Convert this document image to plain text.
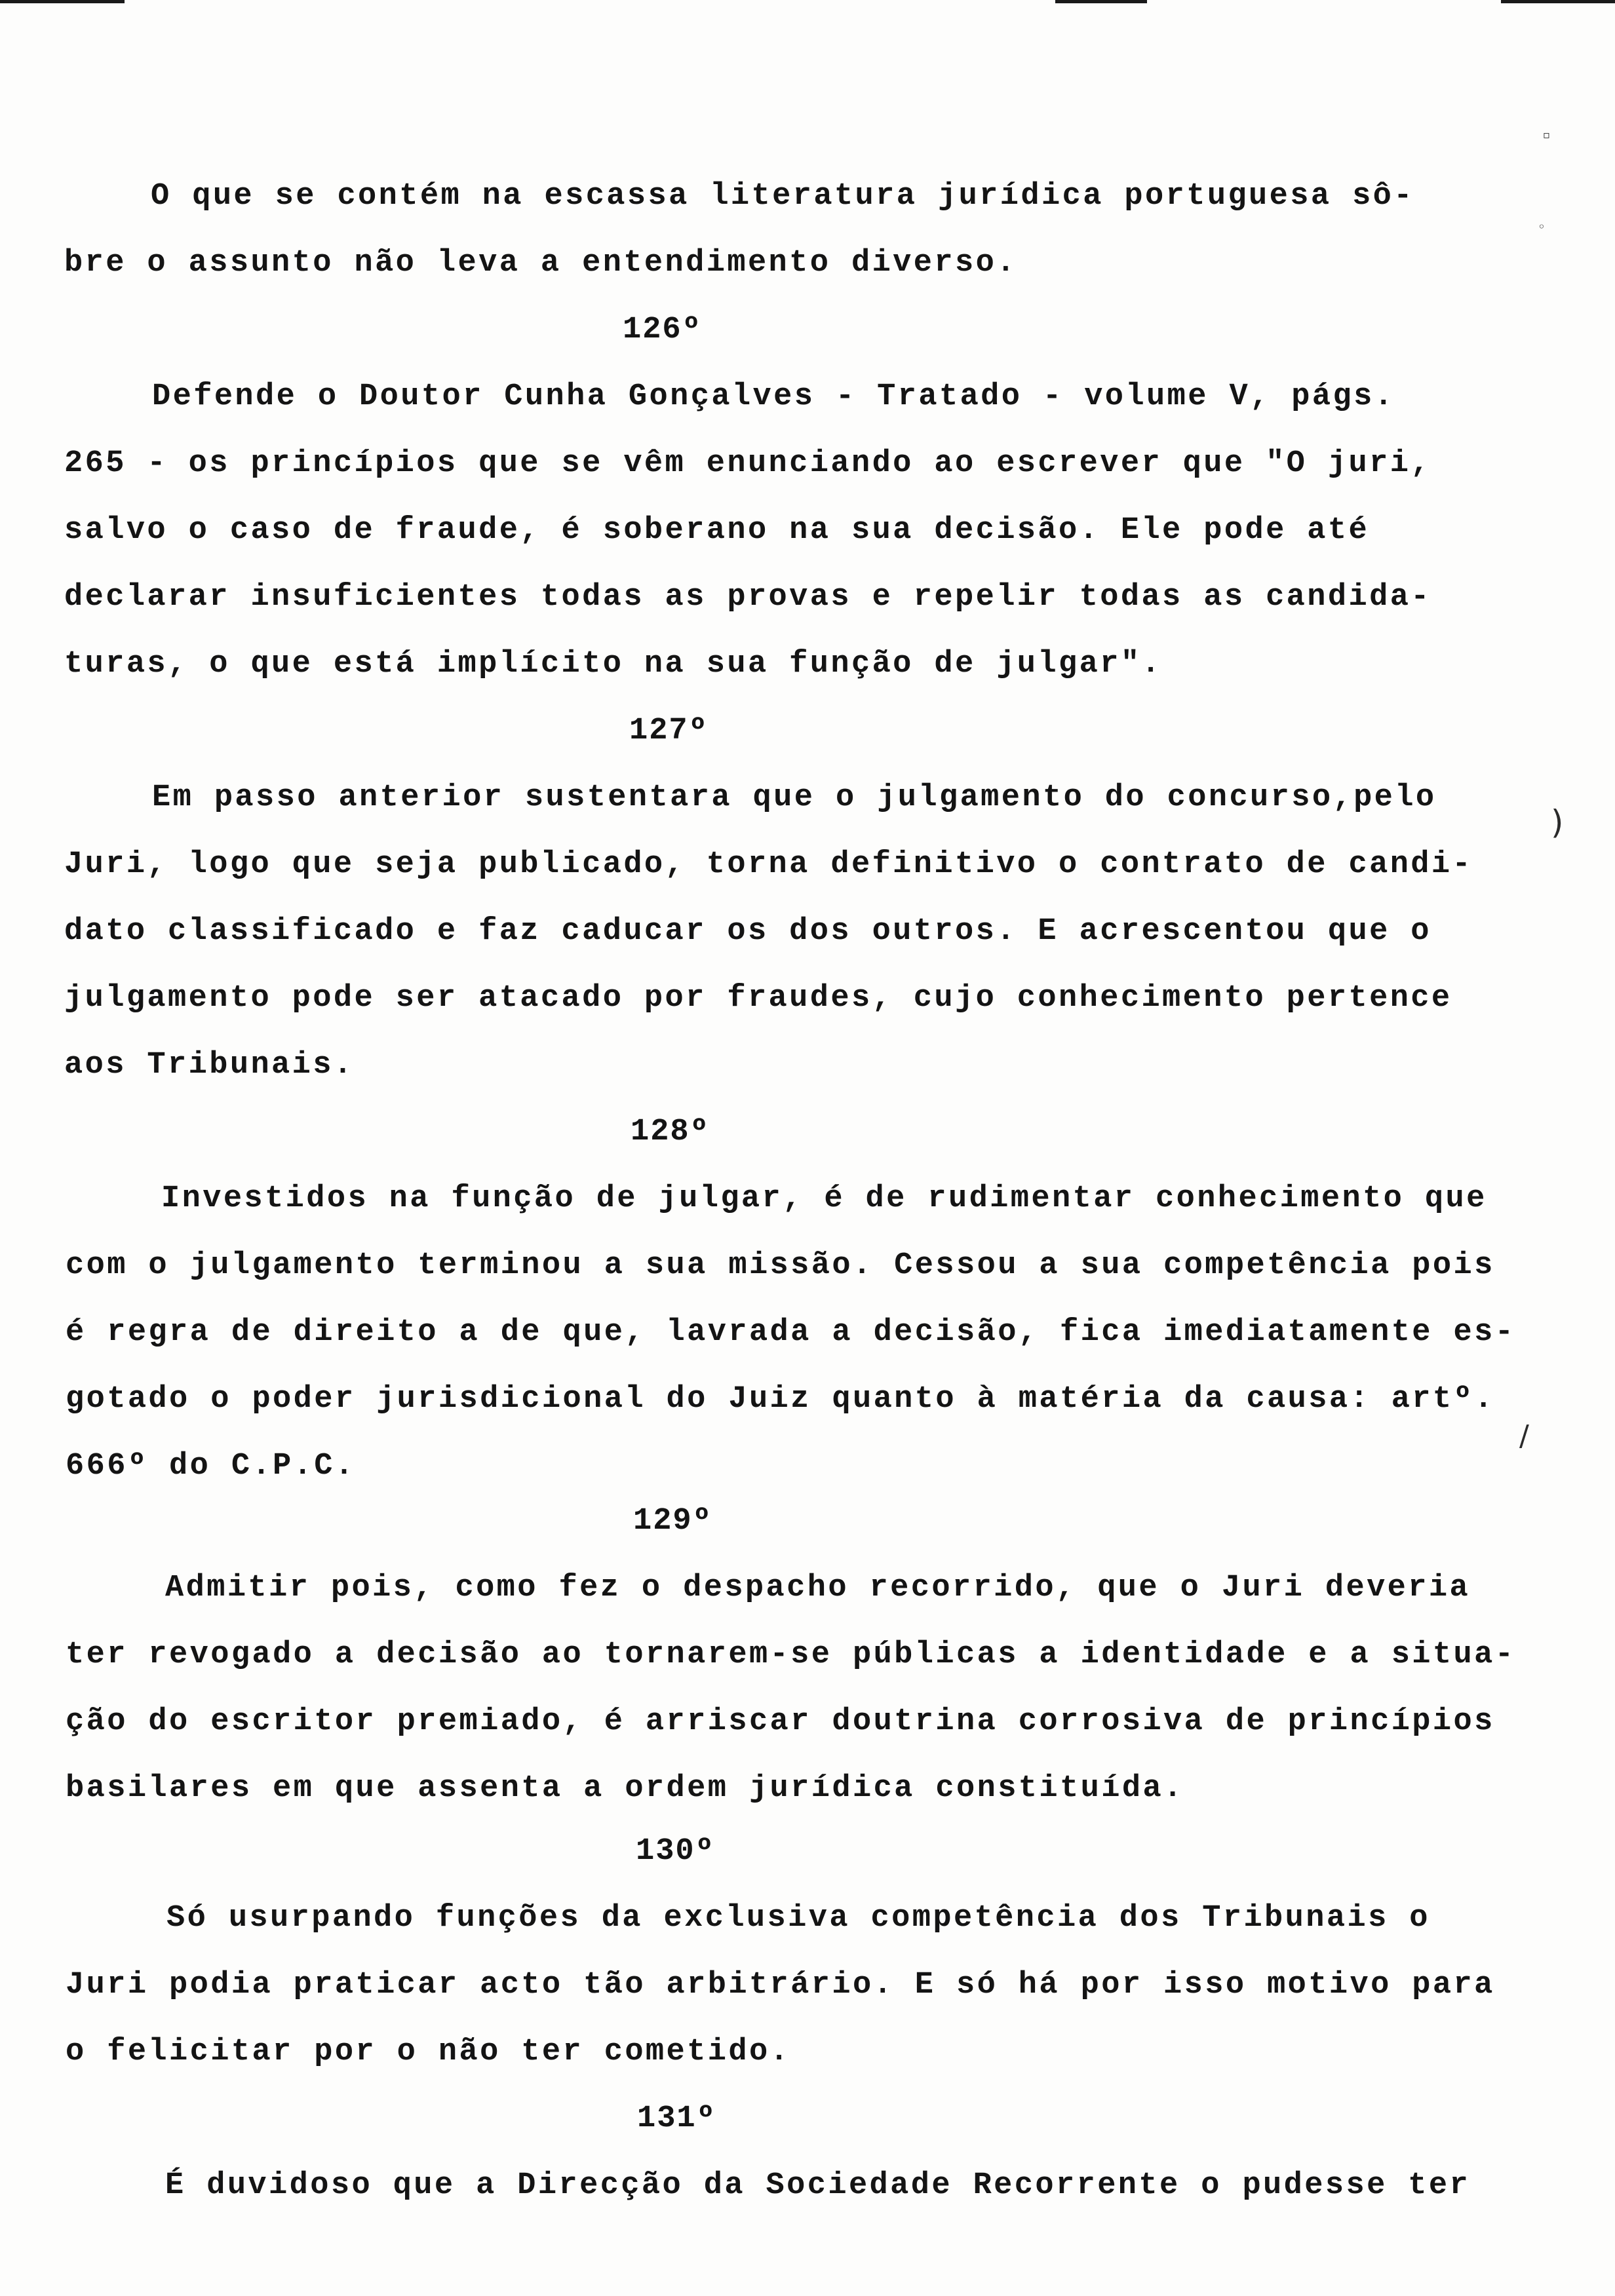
▫
◦
)
/
O que se contém na escassa literatura jurídica portuguesa sô-
bre o assunto não leva a entendimento diverso.
126º
Defende o Doutor Cunha Gonçalves - Tratado - volume V, págs.
265 - os princípios que se vêm enunciando ao escrever que "O juri,
salvo o caso de fraude, é soberano na sua decisão. Ele pode até
declarar insuficientes todas as provas e repelir todas as candida-
turas, o que está implícito na sua função de julgar".
127º
Em passo anterior sustentara que o julgamento do concurso,pelo
Juri, logo que seja publicado, torna definitivo o contrato de candi-
dato classificado e faz caducar os dos outros. E acrescentou que o
julgamento pode ser atacado por fraudes, cujo conhecimento pertence
aos Tribunais.
128º
Investidos na função de julgar, é de rudimentar conhecimento que
com o julgamento terminou a sua missão. Cessou a sua competência pois
é regra de direito a de que, lavrada a decisão, fica imediatamente es-
gotado o poder jurisdicional do Juiz quanto à matéria da causa: artº.
666º do C.P.C.
129º
Admitir pois, como fez o despacho recorrido, que o Juri deveria
ter revogado a decisão ao tornarem-se públicas a identidade e a situa-
ção do escritor premiado, é arriscar doutrina corrosiva de princípios
basilares em que assenta a ordem jurídica constituída.
130º
Só usurpando funções da exclusiva competência dos Tribunais o
Juri podia praticar acto tão arbitrário. E só há por isso motivo para
o felicitar por o não ter cometido.
131º
É duvidoso que a Direcção da Sociedade Recorrente o pudesse ter
